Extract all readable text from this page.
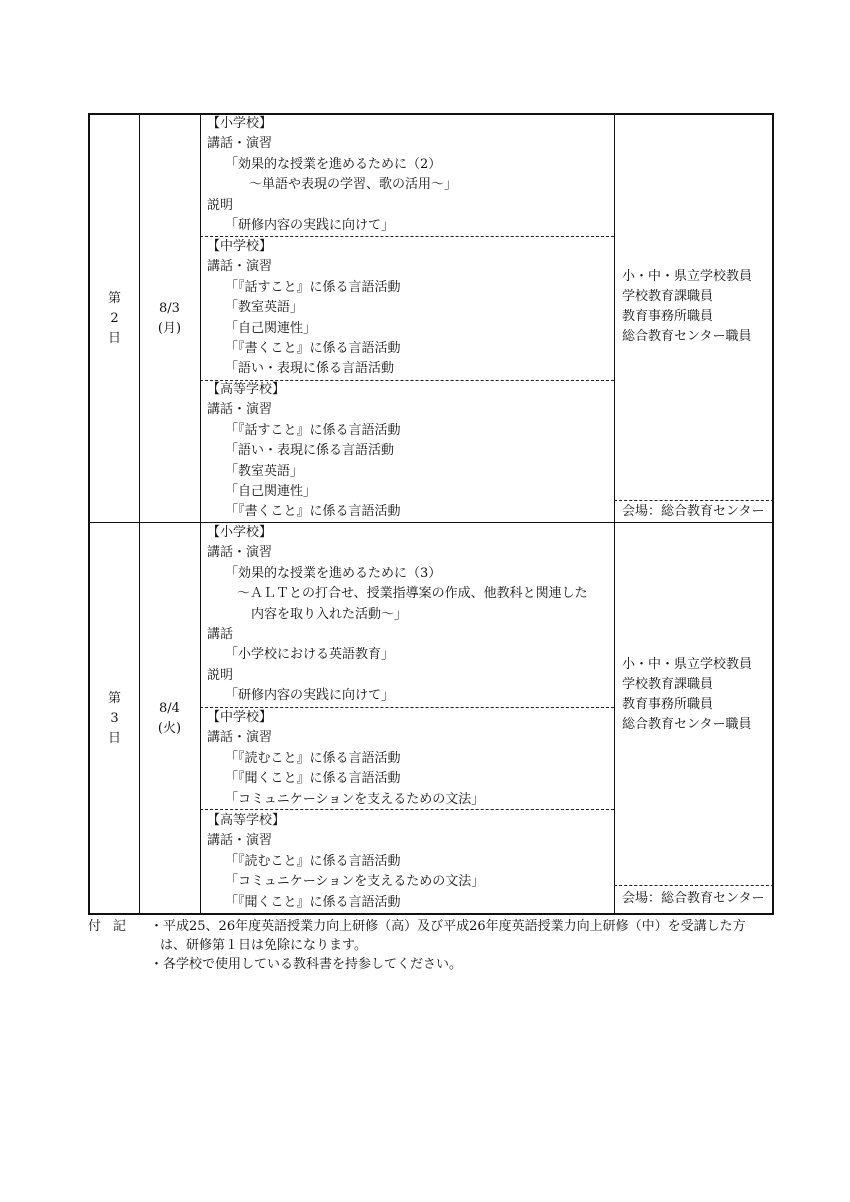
第
2
日
8/3
(月)
【小学校】
講話・演習
「効果的な授業を進めるために（2）
〜単語や表現の学習、歌の活用〜」
説明
「研修内容の実践に向けて」
【中学校】
講話・演習
「『話すこと』に係る言語活動
「教室英語」
「自己関連性」
「『書くこと』に係る言語活動
「語い・表現に係る言語活動
【高等学校】
講話・演習
「『話すこと』に係る言語活動
「語い・表現に係る言語活動
「教室英語」
「自己関連性」
「『書くこと』に係る言語活動
小・中・県立学校教員
学校教育課職員
教育事務所職員
総合教育センター職員
会場：総合教育センター
第
3
日
8/4
(火)
【小学校】
講話・演習
「効果的な授業を進めるために（3）
〜ＡＬＴとの打合せ、授業指導案の作成、他教科と関連した
内容を取り入れた活動〜」
講話
「小学校における英語教育」
説明
「研修内容の実践に向けて」
【中学校】
講話・演習
「『読むこと』に係る言語活動
「『聞くこと』に係る言語活動
「コミュニケーションを支えるための文法」
【高等学校】
講話・演習
「『読むこと』に係る言語活動
「コミュニケーションを支えるための文法」
「『聞くこと』に係る言語活動
小・中・県立学校教員
学校教育課職員
教育事務所職員
総合教育センター職員
会場：総合教育センター
付記 ・平成25、26年度英語授業力向上研修（高）及び平成26年度英語授業力向上研修（中）を受講した方
は、研修第１日は免除になります。
・各学校で使用している教科書を持参してください。
